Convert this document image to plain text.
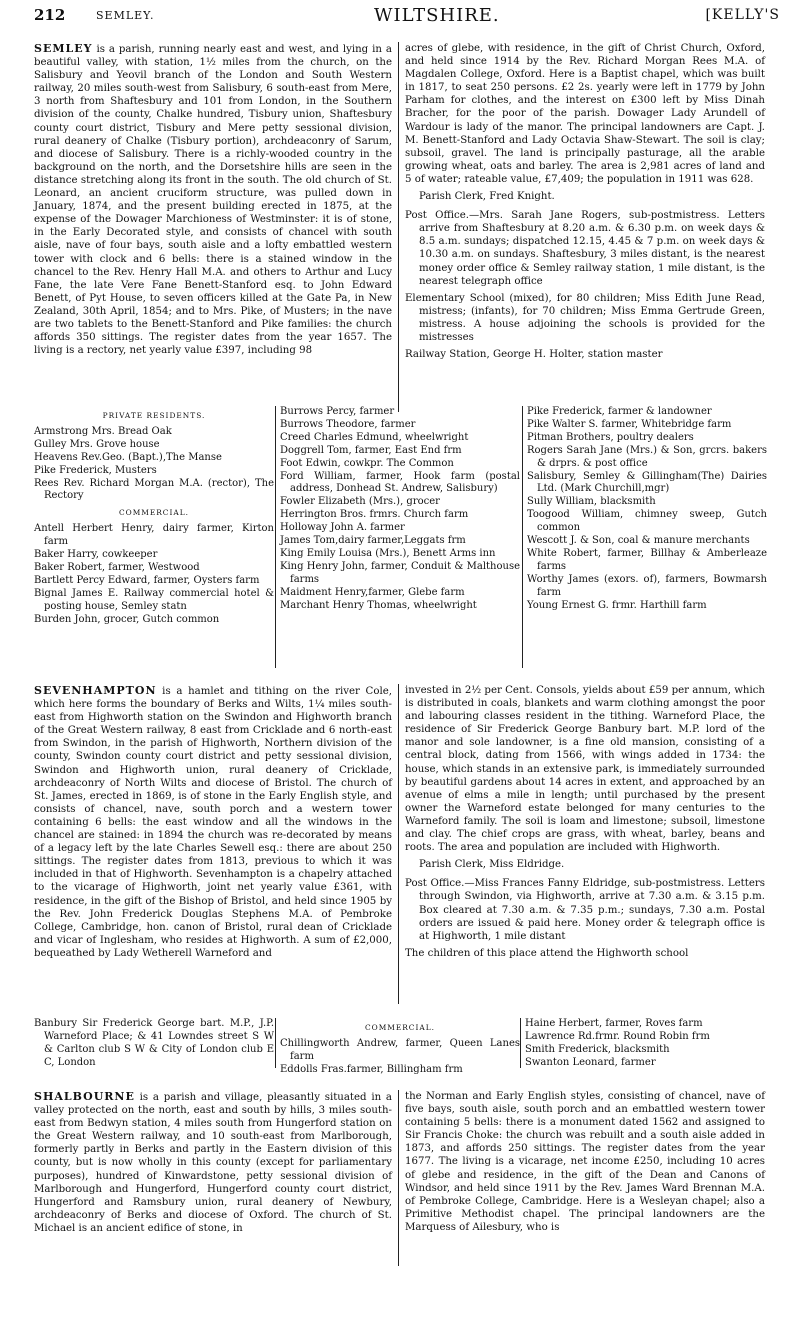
212	SEMLEY.	WILTSHIRE.	[KELLY'S

SEMLEY is a parish, running nearly east and west, and lying in a beautiful valley, with station, 1½ miles from the church, on the Salisbury and Yeovil branch of the London and South Western railway, 20 miles south-west from Salisbury, 6 south-east from Mere, 3 north from Shaftesbury and 101 from London, in the Southern division of the county, Chalke hundred, Tisbury union, Shaftesbury county court district, Tisbury and Mere petty sessional division, rural deanery of Chalke (Tisbury portion), archdeaconry of Sarum, and diocese of Salisbury. There is a richly-wooded country in the background on the north, and the Dorsetshire hills are seen in the distance stretching along its front in the south. The old church of St. Leonard, an ancient cruciform structure, was pulled down in January, 1874, and the present building erected in 1875, at the expense of the Dowager Marchioness of Westminster: it is of stone, in the Early Decorated style, and consists of chancel with south aisle, nave of four bays, south aisle and a lofty embattled western tower with clock and 6 bells: there is a stained window in the chancel to the Rev. Henry Hall M.A. and others to Arthur and Lucy Fane, the late Vere Fane Benett-Stanford esq. to John Edward Benett, of Pyt House, to seven officers killed at the Gate Pa, in New Zealand, 30th April, 1854; and to Mrs. Pike, of Musters; in the nave are two tablets to the Benett-Stanford and Pike families: the church affords 350 sittings. The register dates from the year 1657. The living is a rectory, net yearly value £397, including 98

acres of glebe, with residence, in the gift of Christ Church, Oxford, and held since 1914 by the Rev. Richard Morgan Rees M.A. of Magdalen College, Oxford. Here is a Baptist chapel, which was built in 1817, to seat 250 persons. £2 2s. yearly were left in 1779 by John Parham for clothes, and the interest on £300 left by Miss Dinah Bracher, for the poor of the parish. Dowager Lady Arundell of Wardour is lady of the manor. The principal landowners are Capt. J. M. Benett-Stanford and Lady Octavia Shaw-Stewart. The soil is clay; subsoil, gravel. The land is principally pasturage, all the arable growing wheat, oats and barley. The area is 2,981 acres of land and 5 of water; rateable value, £7,409; the population in 1911 was 628.

Parish Clerk, Fred Knight.

Post Office.—Mrs. Sarah Jane Rogers, sub-postmistress. Letters arrive from Shaftesbury at 8.20 a.m. & 6.30 p.m. on week days & 8.5 a.m. sundays; dispatched 12.15, 4.45 & 7 p.m. on week days & 10.30 a.m. on sundays. Shaftesbury, 3 miles distant, is the nearest money order office & Semley railway station, 1 mile distant, is the nearest telegraph office

Elementary School (mixed), for 80 children; Miss Edith June Read, mistress; (infants), for 70 children; Miss Emma Gertrude Green, mistress. A house adjoining the schools is provided for the mistresses

Railway Station, George H. Holter, station master

PRIVATE RESIDENTS.
Armstrong Mrs. Bread Oak
Gulley Mrs. Grove house
Heavens Rev.Geo. (Bapt.),The Manse
Pike Frederick, Musters
Rees Rev. Richard Morgan M.A. (rector), The Rectory
COMMERCIAL.
Antell Herbert Henry, dairy farmer, Kirton farm
Baker Harry, cowkeeper
Baker Robert, farmer, Westwood
Bartlett Percy Edward, farmer, Oysters farm
Bignal James E. Railway commercial hotel & posting house, Semley statn
Burden John, grocer, Gutch common
Burrows Percy, farmer
Burrows Theodore, farmer
Creed Charles Edmund, wheelwright
Doggrell Tom, farmer, East End frm
Foot Edwin, cowkpr. The Common
Ford William, farmer, Hook farm (postal address, Donhead St. Andrew, Salisbury)
Fowler Elizabeth (Mrs.), grocer
Herrington Bros. frmrs. Church farm
Holloway John A. farmer
James Tom,dairy farmer,Leggats frm
King Emily Louisa (Mrs.), Benett Arms inn
King Henry John, farmer, Conduit & Malthouse farms
Maidment Henry,farmer, Glebe farm
Marchant Henry Thomas, wheelwright
Pike Frederick, farmer & landowner
Pike Walter S. farmer, Whitebridge farm
Pitman Brothers, poultry dealers
Rogers Sarah Jane (Mrs.) & Son, grcrs. bakers & drprs. & post office
Salisbury, Semley & Gillingham(The) Dairies Ltd. (Mark Churchill,mgr)
Sully William, blacksmith
Toogood William, chimney sweep, Gutch common
Wescott J. & Son, coal & manure merchants
White Robert, farmer, Billhay & Amberleaze farms
Worthy James (exors. of), farmers, Bowmarsh farm
Young Ernest G. frmr. Harthill farm

SEVENHAMPTON is a hamlet and tithing on the river Cole, which here forms the boundary of Berks and Wilts, 1¼ miles south-east from Highworth station on the Swindon and Highworth branch of the Great Western railway, 8 east from Cricklade and 6 north-east from Swindon, in the parish of Highworth, Northern division of the county, Swindon county court district and petty sessional division, Swindon and Highworth union, rural deanery of Cricklade, archdeaconry of North Wilts and diocese of Bristol. The church of St. James, erected in 1869, is of stone in the Early English style, and consists of chancel, nave, south porch and a western tower containing 6 bells: the east window and all the windows in the chancel are stained: in 1894 the church was re-decorated by means of a legacy left by the late Charles Sewell esq.: there are about 250 sittings. The register dates from 1813, previous to which it was included in that of Highworth. Sevenhampton is a chapelry attached to the vicarage of Highworth, joint net yearly value £361, with residence, in the gift of the Bishop of Bristol, and held since 1905 by the Rev. John Frederick Douglas Stephens M.A. of Pembroke College, Cambridge, hon. canon of Bristol, rural dean of Cricklade and vicar of Inglesham, who resides at Highworth. A sum of £2,000, bequeathed by Lady Wetherell Warneford and

invested in 2½ per Cent. Consols, yields about £59 per annum, which is distributed in coals, blankets and warm clothing amongst the poor and labouring classes resident in the tithing. Warneford Place, the residence of Sir Frederick George Banbury bart. M.P. lord of the manor and sole landowner, is a fine old mansion, consisting of a central block, dating from 1566, with wings added in 1734: the house, which stands in an extensive park, is immediately surrounded by beautiful gardens about 14 acres in extent, and approached by an avenue of elms a mile in length; until purchased by the present owner the Warneford estate belonged for many centuries to the Warneford family. The soil is loam and limestone; subsoil, limestone and clay. The chief crops are grass, with wheat, barley, beans and roots. The area and population are included with Highworth.

Parish Clerk, Miss Eldridge.

Post Office.—Miss Frances Fanny Eldridge, sub-postmistress. Letters through Swindon, via Highworth, arrive at 7.30 a.m. & 3.15 p.m. Box cleared at 7.30 a.m. & 7.35 p.m.; sundays, 7.30 a.m. Postal orders are issued & paid here. Money order & telegraph office is at Highworth, 1 mile distant

The children of this place attend the Highworth school

Banbury Sir Frederick George bart. M.P., J.P. Warneford Place; & 41 Lowndes street S W & Carlton club S W & City of London club E C, London
COMMERCIAL.
Chillingworth Andrew, farmer, Queen Lanes farm
Eddolls Fras.farmer, Billingham frm
Haine Herbert, farmer, Roves farm
Lawrence Rd.frmr. Round Robin frm
Smith Frederick, blacksmith
Swanton Leonard, farmer

SHALBOURNE is a parish and village, pleasantly situated in a valley protected on the north, east and south by hills, 3 miles south-east from Bedwyn station, 4 miles south from Hungerford station on the Great Western railway, and 10 south-east from Marlborough, formerly partly in Berks and partly in the Eastern division of this county, but is now wholly in this county (except for parliamentary purposes), hundred of Kinwardstone, petty sessional division of Marlborough and Hungerford, Hungerford county court district, Hungerford and Ramsbury union, rural deanery of Newbury, archdeaconry of Berks and diocese of Oxford. The church of St. Michael is an ancient edifice of stone, in

the Norman and Early English styles, consisting of chancel, nave of five bays, south aisle, south porch and an embattled western tower containing 5 bells: there is a monument dated 1562 and assigned to Sir Francis Choke: the church was rebuilt and a south aisle added in 1873, and affords 250 sittings. The register dates from the year 1677. The living is a vicarage, net income £250, including 10 acres of glebe and residence, in the gift of the Dean and Canons of Windsor, and held since 1911 by the Rev. James Ward Brennan M.A. of Pembroke College, Cambridge. Here is a Wesleyan chapel; also a Primitive Methodist chapel. The principal landowners are the Marquess of Ailesbury, who is
